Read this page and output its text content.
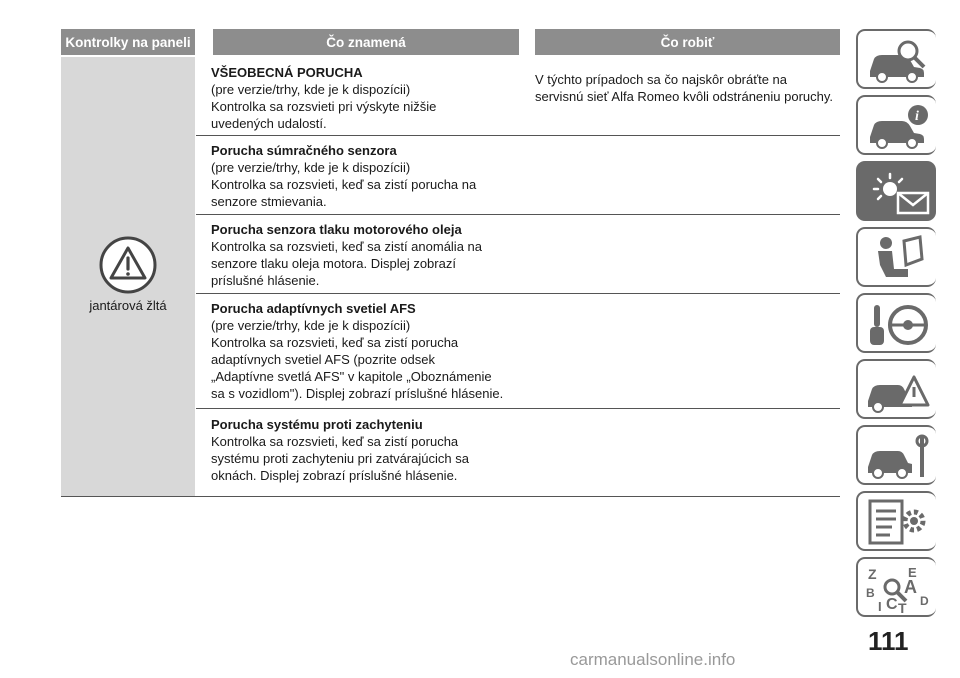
Kontrolky na paneli	Čo znamená	Čo robiť
jantárová žltá
VŠEOBECNÁ PORUCHA
(pre verzie/trhy, kde je k dispozícii)
Kontrolka sa rozsvieti pri výskyte nižšie
uvedených udalostí.
V týchto prípadoch sa čo najskôr obráťte na servisnú sieť Alfa Romeo kvôli odstráneniu poruchy.
Porucha súmračného senzora
(pre verzie/trhy, kde je k dispozícii)
Kontrolka sa rozsvieti, keď sa zistí porucha na
senzore stmievania.
Porucha senzora tlaku motorového oleja
Kontrolka sa rozsvieti, keď sa zistí anomália na
senzore tlaku oleja motora. Displej zobrazí
príslušné hlásenie.
Porucha adaptívnych svetiel AFS
(pre verzie/trhy, kde je k dispozícii)
Kontrolka sa rozsvieti, keď sa zistí porucha
adaptívnych svetiel AFS (pozrite odsek
„Adaptívne svetlá AFS" v kapitole „Oboznámenie
sa s vozidlom"). Displej zobrazí príslušné hlásenie.
Porucha systému proti zachyteniu
Kontrolka sa rozsvieti, keď sa zistí porucha
systému proti zachyteniu pri zatvárajúcich sa
oknách. Displej zobrazí príslušné hlásenie.
i
Z E
B A
D
I C T
111
carmanualsonline.info
